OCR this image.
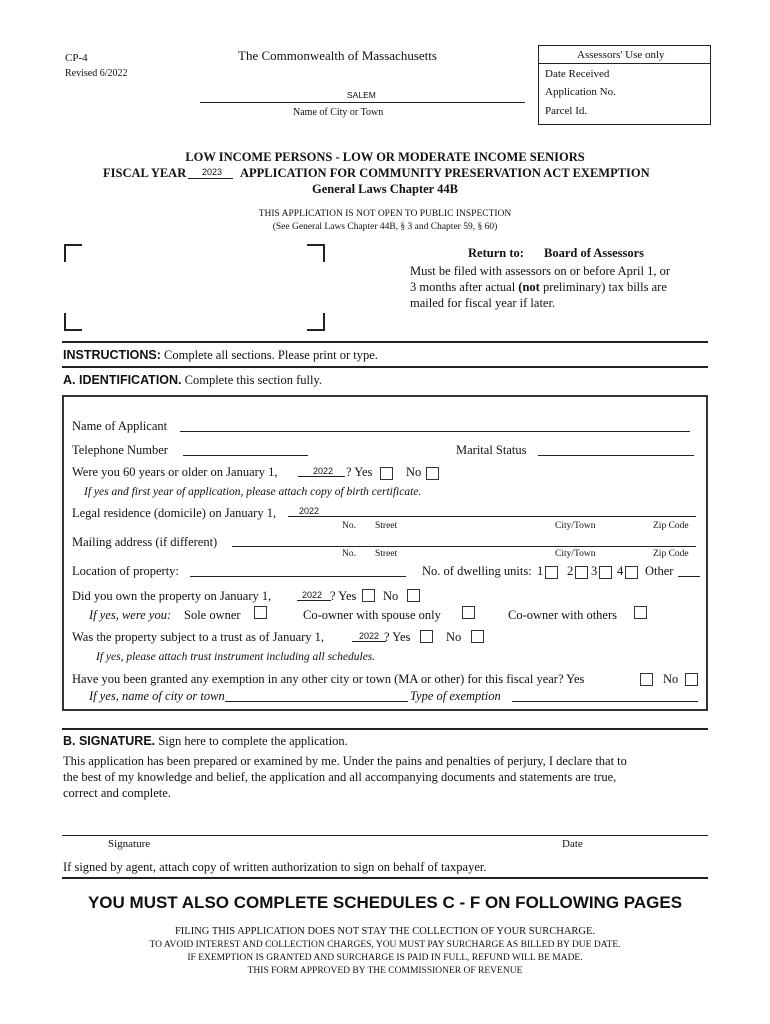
CP-4
Revised 6/2022
The Commonwealth of Massachusetts
SALEM
Name of City or Town
Assessors' Use only
Date Received
Application No.
Parcel Id.
LOW INCOME PERSONS - LOW OR MODERATE INCOME SENIORS
FISCAL YEAR 2023 APPLICATION FOR COMMUNITY PRESERVATION ACT EXEMPTION
General Laws Chapter 44B
THIS APPLICATION IS NOT OPEN TO PUBLIC INSPECTION
(See General Laws Chapter 44B, § 3 and Chapter 59, § 60)
Return to: Board of Assessors
Must be filed with assessors on or before April 1, or
3 months after actual (not preliminary) tax bills are
mailed for fiscal year if later.
INSTRUCTIONS: Complete all sections. Please print or type.
A. IDENTIFICATION. Complete this section fully.
Name of Applicant
Telephone Number	Marital Status
Were you 60 years or older on January 1,	2022 ? Yes	No
If yes and first year of application, please attach copy of birth certificate.
Legal residence (domicile) on January 1,	2022
No. Street	City/Town	Zip Code
Mailing address (if different)
No. Street	City/Town	Zip Code
Location of property:	No. of dwelling units: 1 2 3 4 Other
Did you own the property on January 1,	2022 ? Yes No
If yes, were you: Sole owner	Co-owner with spouse only	Co-owner with others
Was the property subject to a trust as of January 1,	2022 ? Yes	No
If yes, please attach trust instrument including all schedules.
Have you been granted any exemption in any other city or town (MA or other) for this fiscal year? Yes	No
If yes, name of city or town	Type of exemption
B. SIGNATURE. Sign here to complete the application.
This application has been prepared or examined by me. Under the pains and penalties of perjury, I declare that to
the best of my knowledge and belief, the application and all accompanying documents and statements are true,
correct and complete.
Signature	Date
If signed by agent, attach copy of written authorization to sign on behalf of taxpayer.
YOU MUST ALSO COMPLETE SCHEDULES C - F ON FOLLOWING PAGES
FILING THIS APPLICATION DOES NOT STAY THE COLLECTION OF YOUR SURCHARGE.
TO AVOID INTEREST AND COLLECTION CHARGES, YOU MUST PAY SURCHARGE AS BILLED BY DUE DATE.
IF EXEMPTION IS GRANTED AND SURCHARGE IS PAID IN FULL, REFUND WILL BE MADE.
THIS FORM APPROVED BY THE COMMISSIONER OF REVENUE
